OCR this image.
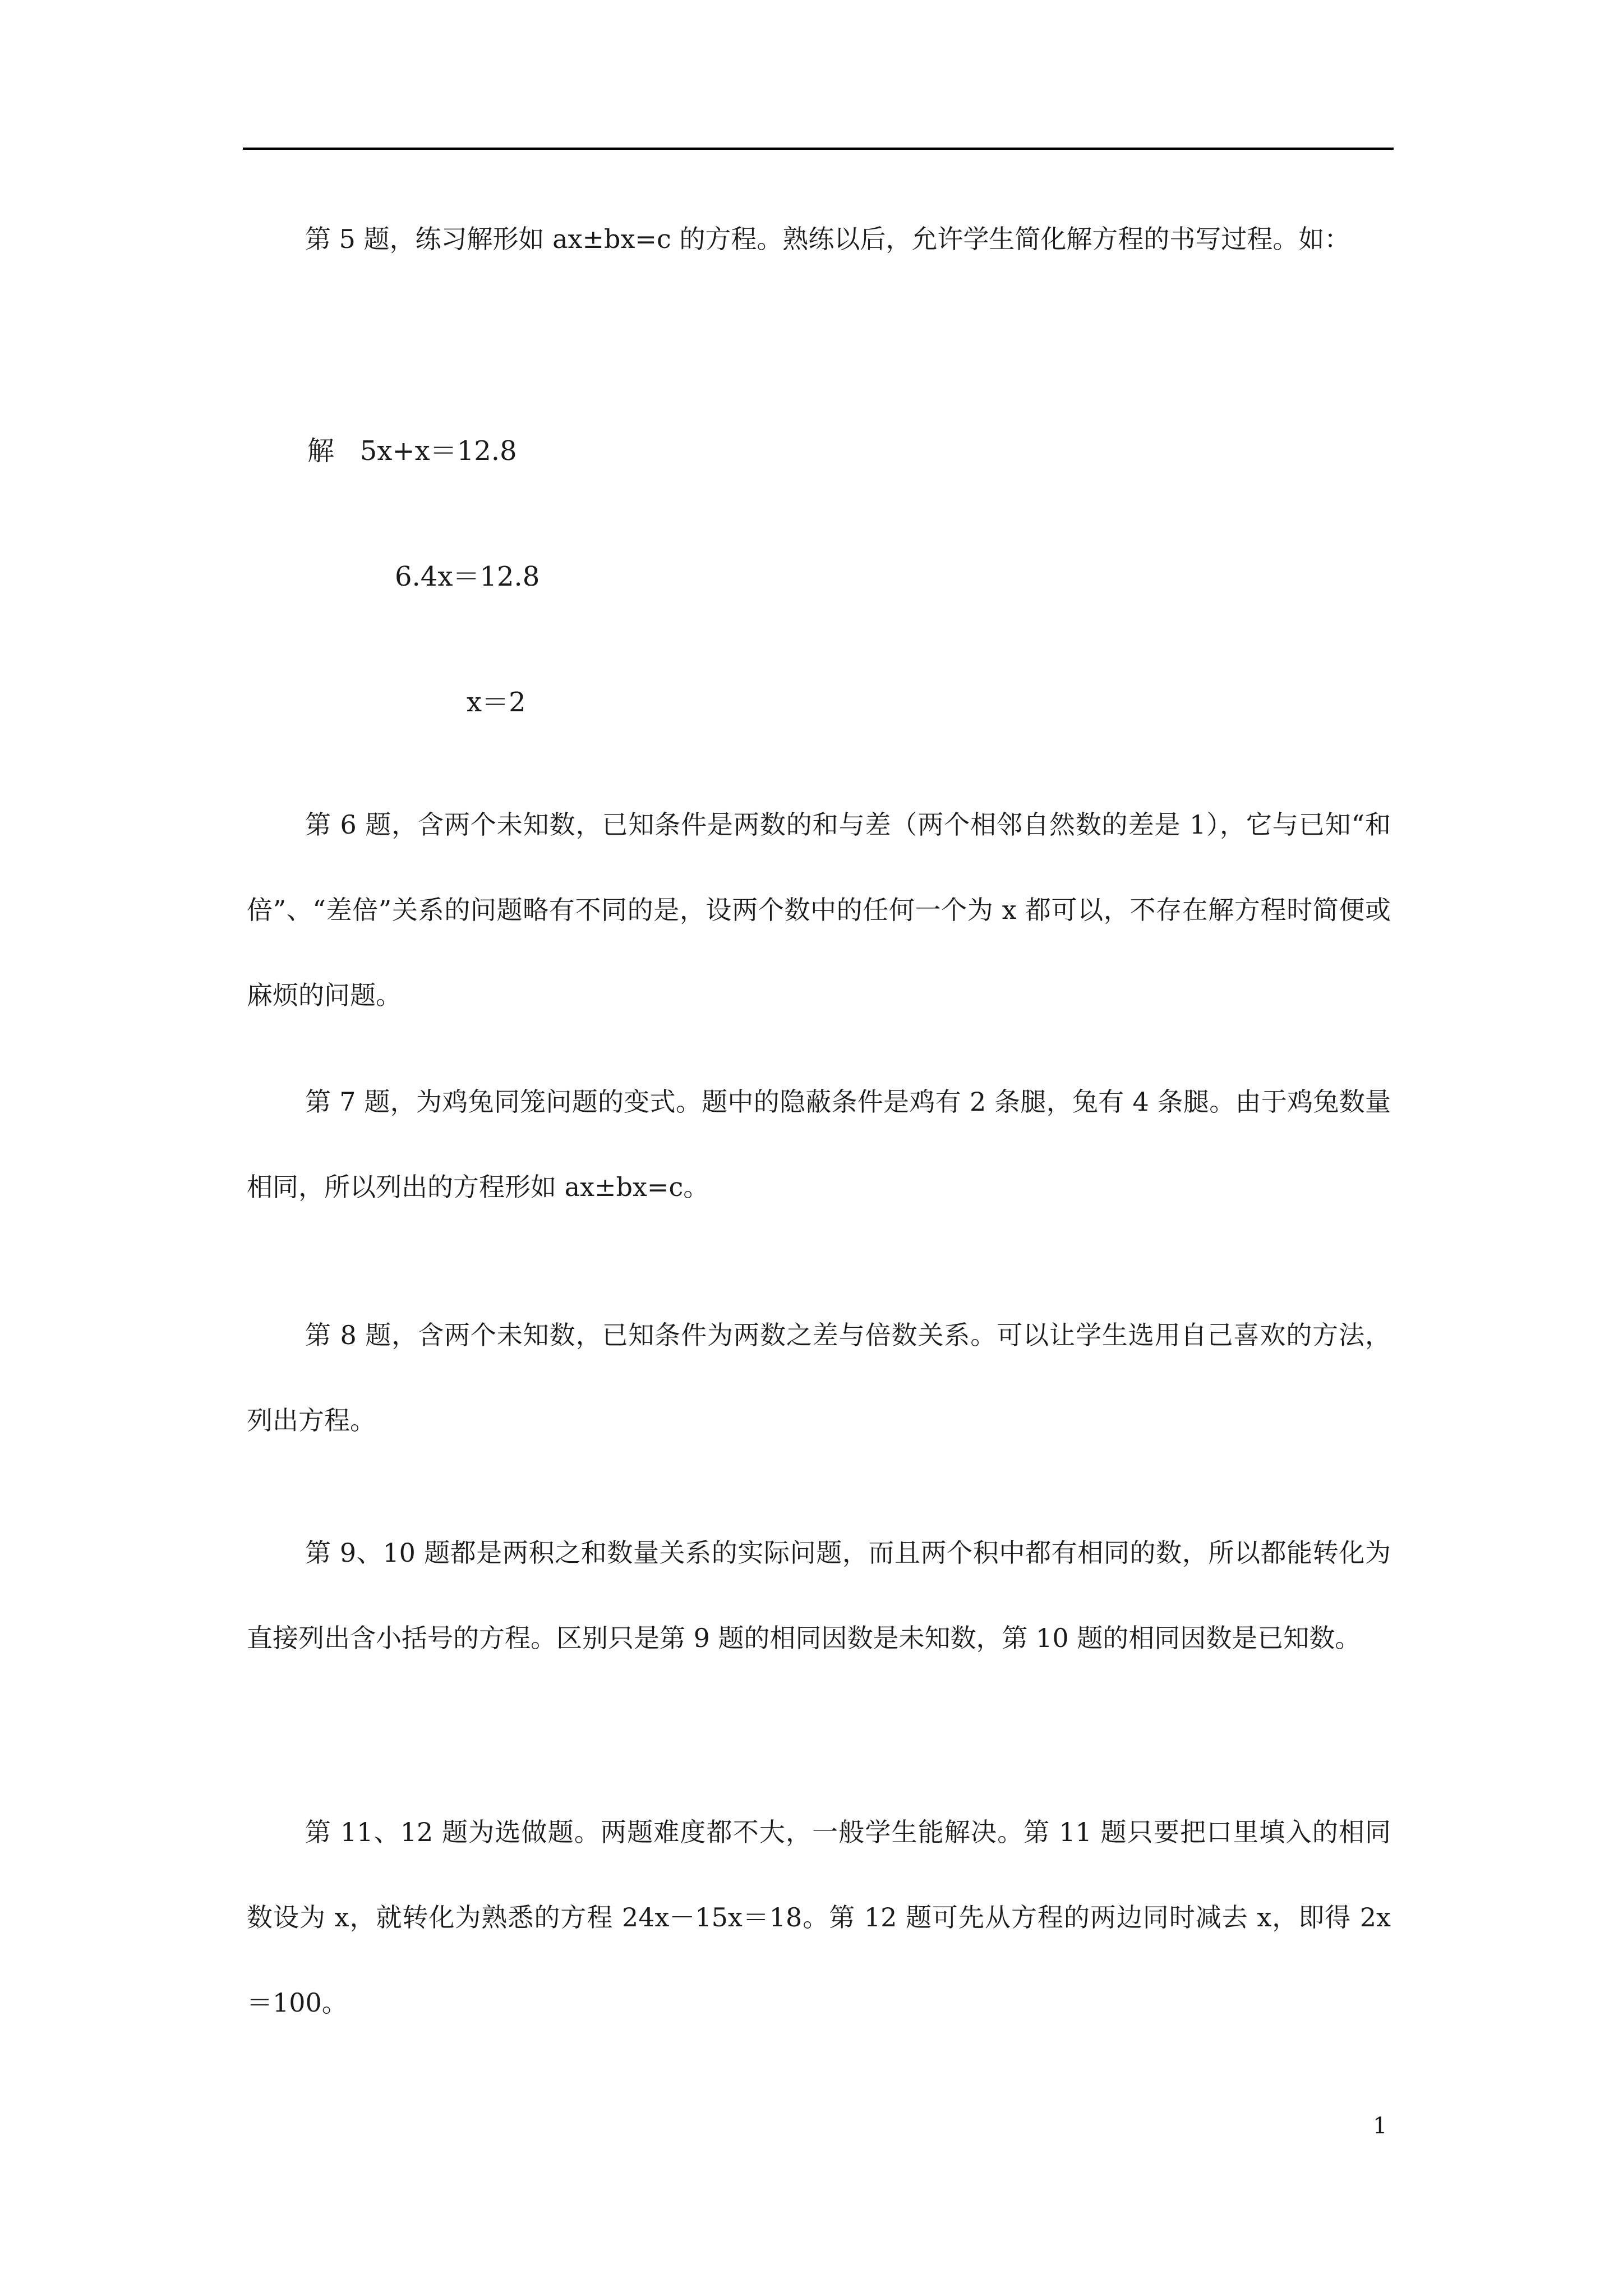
第 5 题，练习解形如 ax±bx=c 的方程。熟练以后，允许学生简化解方程的书写过程。如：

解   5x+x＝12.8
6.4x＝12.8
x＝2

第 6 题，含两个未知数，已知条件是两数的和与差（两个相邻自然数的差是 1），它与已知“和倍”、“差倍”关系的问题略有不同的是，设两个数中的任何一个为 x 都可以，不存在解方程时简便或麻烦的问题。

第 7 题，为鸡兔同笼问题的变式。题中的隐蔽条件是鸡有 2 条腿，兔有 4 条腿。由于鸡兔数量相同，所以列出的方程形如 ax±bx=c。

第 8 题，含两个未知数，已知条件为两数之差与倍数关系。可以让学生选用自己喜欢的方法，列出方程。

第 9、10 题都是两积之和数量关系的实际问题，而且两个积中都有相同的数，所以都能转化为直接列出含小括号的方程。区别只是第 9 题的相同因数是未知数，第 10 题的相同因数是已知数。

第 11、12 题为选做题。两题难度都不大，一般学生能解决。第 11 题只要把口里填入的相同数设为 x，就转化为熟悉的方程 24x－15x＝18。第 12 题可先从方程的两边同时减去 x，即得 2x＝100。

1
